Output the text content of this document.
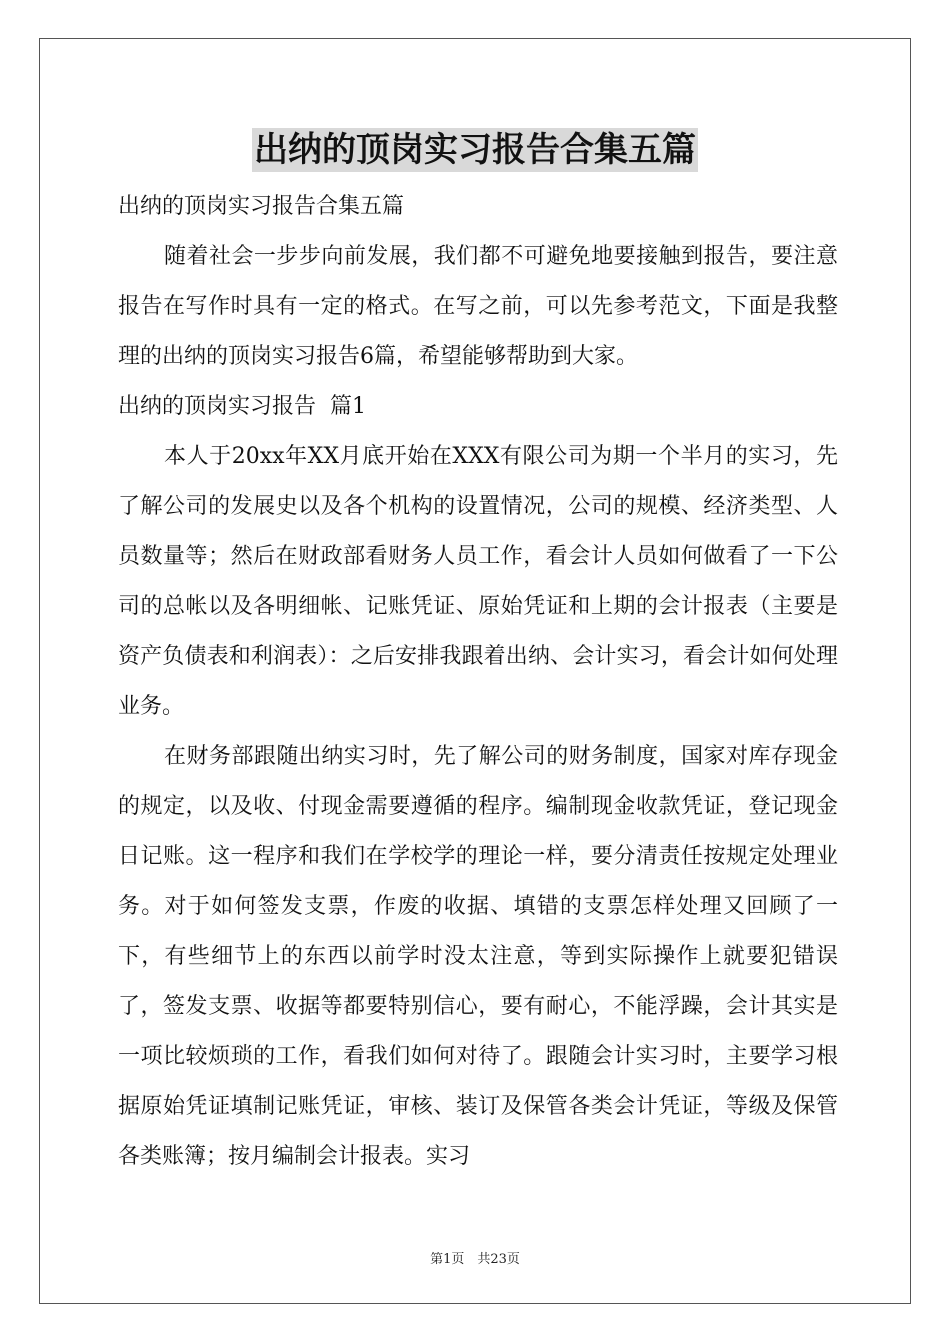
出纳的顶岗实习报告合集五篇

出纳的顶岗实习报告合集五篇

随着社会一步步向前发展，我们都不可避免地要接触到报告，要注意报告在写作时具有一定的格式。在写之前，可以先参考范文，下面是我整理的出纳的顶岗实习报告6篇，希望能够帮助到大家。

出纳的顶岗实习报告  篇1

本人于20xx年XX月底开始在XXX有限公司为期一个半月的实习，先了解公司的发展史以及各个机构的设置情况，公司的规模、经济类型、人员数量等；然后在财政部看财务人员工作，看会计人员如何做看了一下公司的总帐以及各明细帐、记账凭证、原始凭证和上期的会计报表（主要是资产负债表和利润表）：之后安排我跟着出纳、会计实习，看会计如何处理业务。

在财务部跟随出纳实习时，先了解公司的财务制度，国家对库存现金的规定，以及收、付现金需要遵循的程序。编制现金收款凭证，登记现金日记账。这一程序和我们在学校学的理论一样，要分清责任按规定处理业务。对于如何签发支票，作废的收据、填错的支票怎样处理又回顾了一下，有些细节上的东西以前学时没太注意，等到实际操作上就要犯错误了，签发支票、收据等都要特别信心，要有耐心，不能浮躁，会计其实是一项比较烦琐的工作，看我们如何对待了。跟随会计实习时，主要学习根据原始凭证填制记账凭证，审核、装订及保管各类会计凭证，等级及保管各类账簿；按月编制会计报表。实习

第1页　共23页
